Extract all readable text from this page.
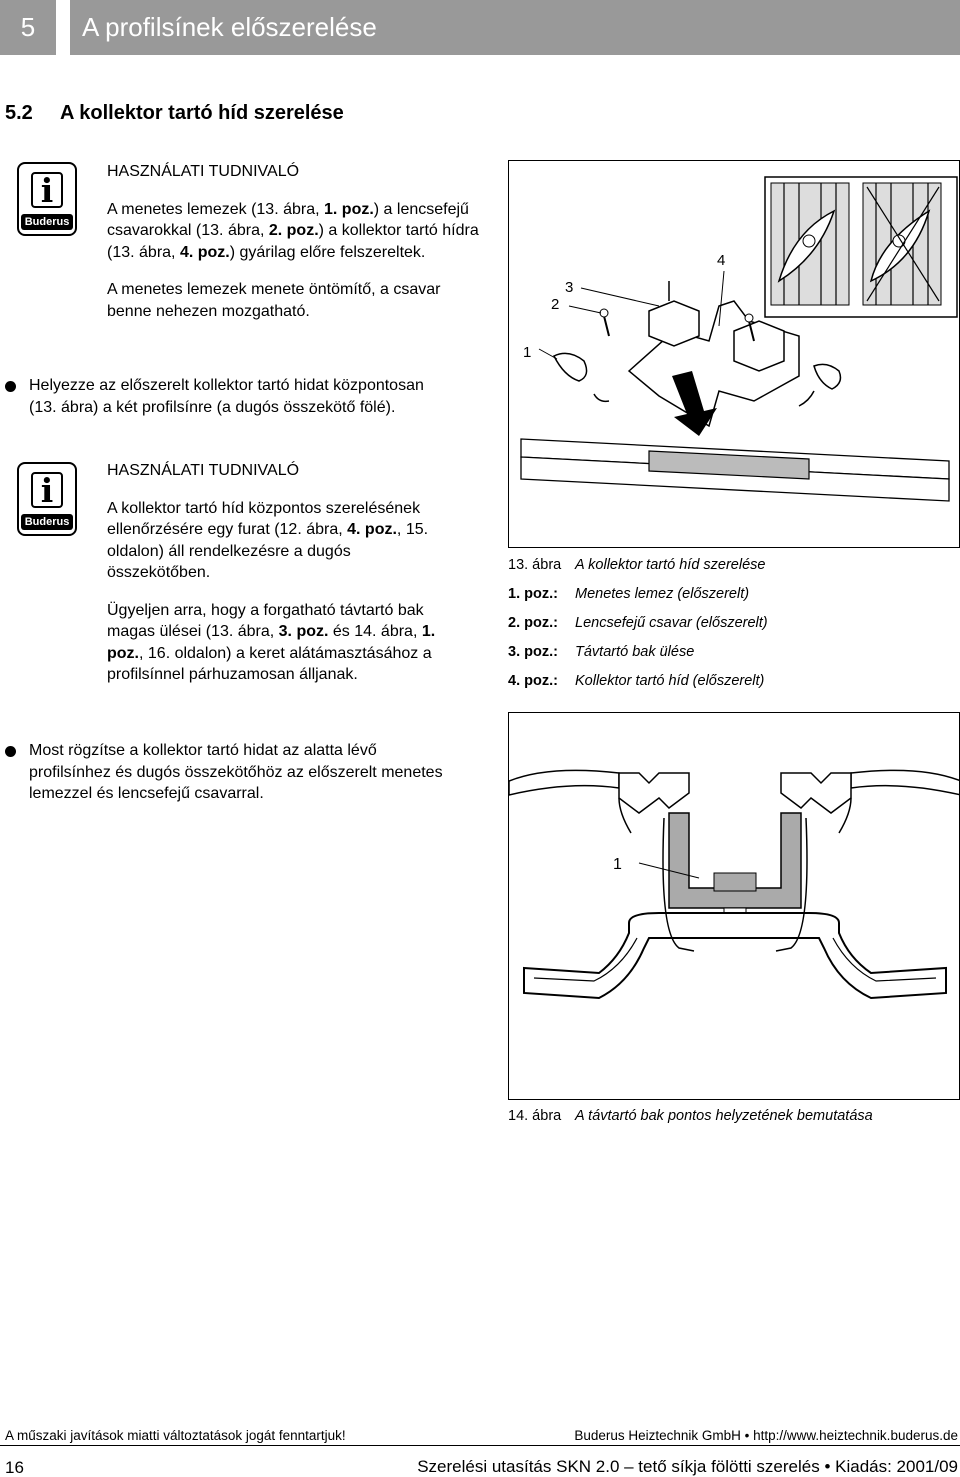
5	A profilsínek előszerelése
5.2 A kollektor tartó híd szerelése
i
Buderus
HASZNÁLATI TUDNIVALÓ

A menetes lemezek (13. ábra, 1. poz.) a lencsefejű csavarokkal (13. ábra, 2. poz.) a kollektor tartó hídra (13. ábra, 4. poz.) gyárilag előre felszereltek.

A menetes lemezek menete öntömítő, a csavar benne nehezen mozgatható.

Helyezze az előszerelt kollektor tartó hidat központosan (13. ábra) a két profilsínre (a dugós összekötő fölé).
i
Buderus
HASZNÁLATI TUDNIVALÓ

A kollektor tartó híd központos szerelésének ellenőrzésére egy furat (12. ábra, 4. poz., 15. oldalon) áll rendelkezésre a dugós összekötőben.

Ügyeljen arra, hogy a forgatható távtartó bak magas ülései (13. ábra, 3. poz. és 14. ábra, 1. poz., 16. oldalon) a keret alátámasztásához a profilsínnel párhuzamosan álljanak.

Most rögzítse a kollektor tartó hidat az alatta lévő profilsínhez és dugós összekötőhöz az előszerelt menetes lemezzel és lencsefejű csavarral.
1
2
3
4
13. ábra A kollektor tartó híd szerelése
1. poz.:	Menetes lemez (előszerelt)
2. poz.:	Lencsefejű csavar (előszerelt)
3. poz.:	Távtartó bak ülése
4. poz.:	Kollektor tartó híd (előszerelt)
1
14. ábra A távtartó bak pontos helyzetének bemutatása
A műszaki javítások miatti változtatások jogát fenntartjuk!	Buderus Heiztechnik GmbH • http://www.heiztechnik.buderus.de
16	Szerelési utasítás SKN 2.0 – tető síkja fölötti szerelés • Kiadás: 2001/09
